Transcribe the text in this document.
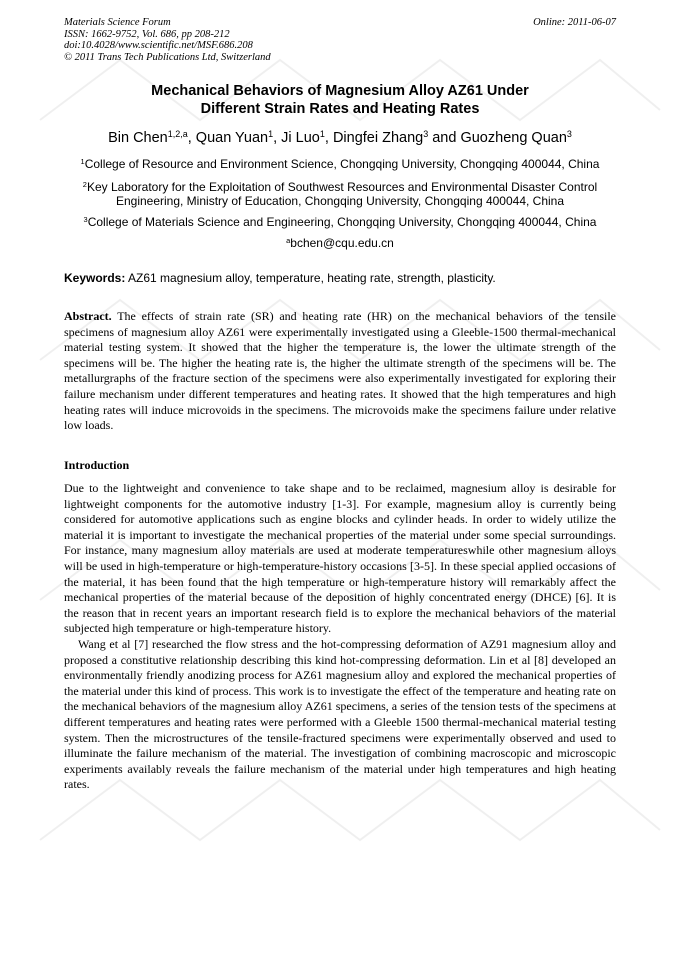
Materials Science Forum
ISSN: 1662-9752, Vol. 686, pp 208-212
doi:10.4028/www.scientific.net/MSF.686.208
© 2011 Trans Tech Publications Ltd, Switzerland
Online: 2011-06-07
Mechanical Behaviors of Magnesium Alloy AZ61 Under
Different Strain Rates and Heating Rates
Bin Chen$^{1,2,a}$, Quan Yuan$^1$, Ji Luo$^1$, Dingfei Zhang$^3$ and Guozheng Quan$^3$
$^1$College of Resource and Environment Science, Chongqing University, Chongqing 400044, China
$^2$Key Laboratory for the Exploitation of Southwest Resources and Environmental Disaster Control Engineering, Ministry of Education, Chongqing University, Chongqing 400044, China
$^3$College of Materials Science and Engineering, Chongqing University, Chongqing 400044, China
$^a$bchen@cqu.edu.cn
Keywords: AZ61 magnesium alloy, temperature, heating rate, strength, plasticity.
Abstract. The effects of strain rate (SR) and heating rate (HR) on the mechanical behaviors of the tensile specimens of magnesium alloy AZ61 were experimentally investigated using a Gleeble-1500 thermal-mechanical material testing system. It showed that the higher the temperature is, the lower the ultimate strength of the specimens will be. The higher the heating rate is, the higher the ultimate strength of the specimens will be. The metallurgraphs of the fracture section of the specimens were also experimentally investigated for exploring their failure mechanism under different temperatures and heating rates. It showed that the high temperatures and high heating rates will induce microvoids in the specimens. The microvoids make the specimens failure under relative low loads.
Introduction

Due to the lightweight and convenience to take shape and to be reclaimed, magnesium alloy is desirable for lightweight components for the automotive industry [1-3]. For example, magnesium alloy is currently being considered for automotive applications such as engine blocks and cylinder heads. In order to widely utilize the material it is important to investigate the mechanical properties of the material under some special surroundings. For instance, many magnesium alloy materials are used at moderate temperatureswhile other magnesium alloys will be used in high-temperature or high-temperature-history occasions [3-5]. In these special applied occasions of the material, it has been found that the high temperature or high-temperature history will remarkably affect the mechanical properties of the material because of the deposition of highly concentrated energy (DHCE) [6]. It is the reason that in recent years an important research field is to explore the mechanical behaviors of the material subjected high temperature or high-temperature history.

Wang et al [7] researched the flow stress and the hot-compressing deformation of AZ91 magnesium alloy and proposed a constitutive relationship describing this kind hot-compressing deformation. Lin et al [8] developed an environmentally friendly anodizing process for AZ61 magnesium alloy and explored the mechanical properties of the material under this kind of process. This work is to investigate the effect of the temperature and heating rate on the mechanical behaviors of the magnesium alloy AZ61 specimens, a series of the tension tests of the specimens at different temperatures and heating rates were performed with a Gleeble 1500 thermal-mechanical material testing system. Then the microstructures of the tensile-fractured specimens were experimentally observed and used to illuminate the failure mechanism of the material. The investigation of combining macroscopic and microscopic experiments availably reveals the failure mechanism of the material under high temperatures and high heating rates.
